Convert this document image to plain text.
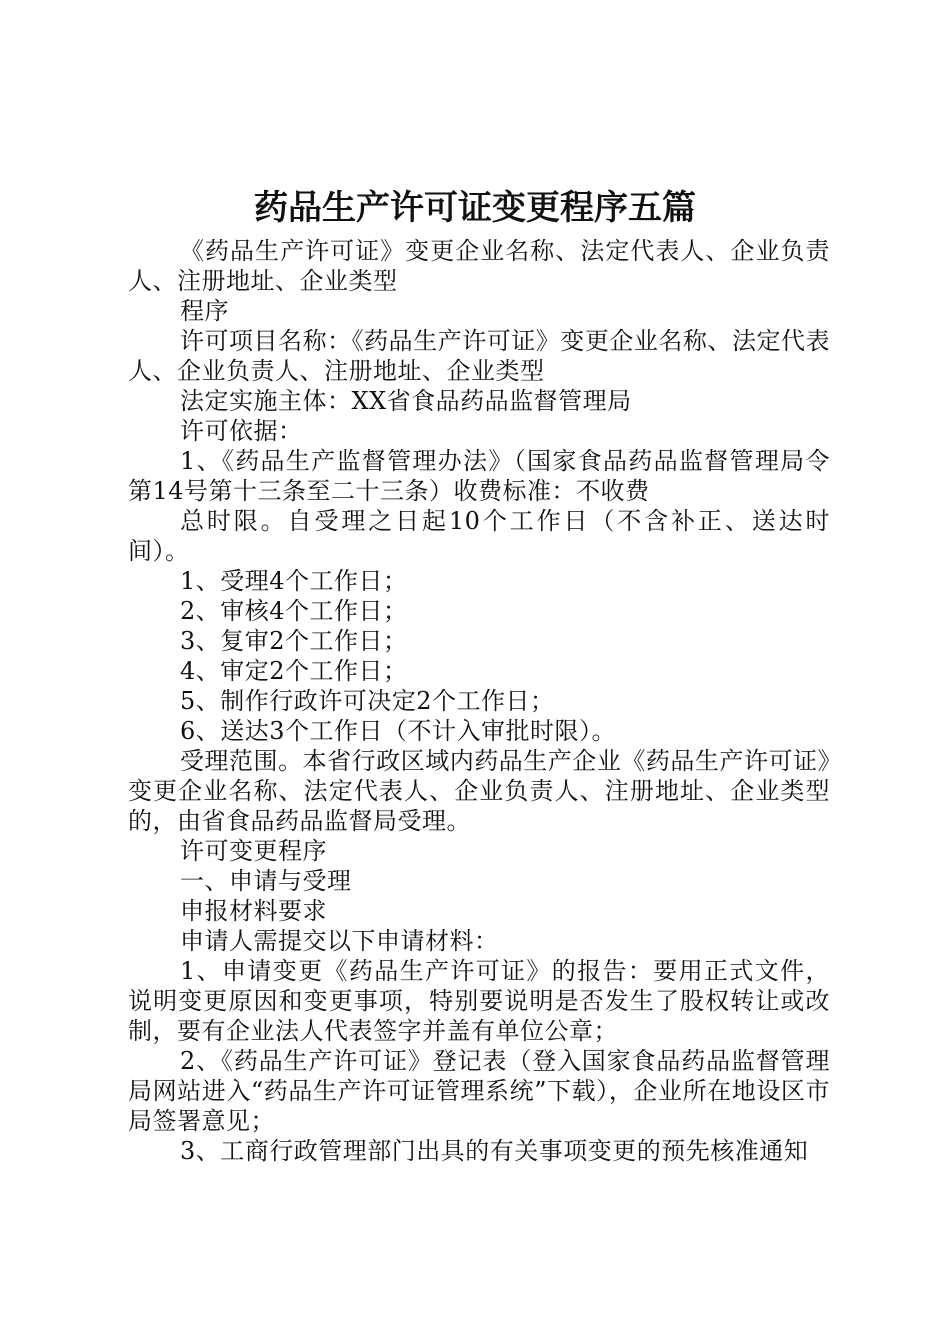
药品生产许可证变更程序五篇

《药品生产许可证》变更企业名称、法定代表人、企业负责人、注册地址、企业类型

程序

许可项目名称：《药品生产许可证》变更企业名称、法定代表人、企业负责人、注册地址、企业类型

法定实施主体：XX省食品药品监督管理局

许可依据：

1、《药品生产监督管理办法》（国家食品药品监督管理局令第14号第十三条至二十三条）收费标准：不收费

总时限。自受理之日起10个工作日（不含补正、送达时间）。

1、受理4个工作日；

2、审核4个工作日；

3、复审2个工作日；

4、审定2个工作日；

5、制作行政许可决定2个工作日；

6、送达3个工作日（不计入审批时限）。

受理范围。本省行政区域内药品生产企业《药品生产许可证》变更企业名称、法定代表人、企业负责人、注册地址、企业类型的，由省食品药品监督局受理。

许可变更程序

一、申请与受理

申报材料要求

申请人需提交以下申请材料：

1、申请变更《药品生产许可证》的报告：要用正式文件，说明变更原因和变更事项，特别要说明是否发生了股权转让或改制，要有企业法人代表签字并盖有单位公章；

2、《药品生产许可证》登记表（登入国家食品药品监督管理局网站进入“药品生产许可证管理系统”下载），企业所在地设区市局签署意见；

3、工商行政管理部门出具的有关事项变更的预先核准通知
